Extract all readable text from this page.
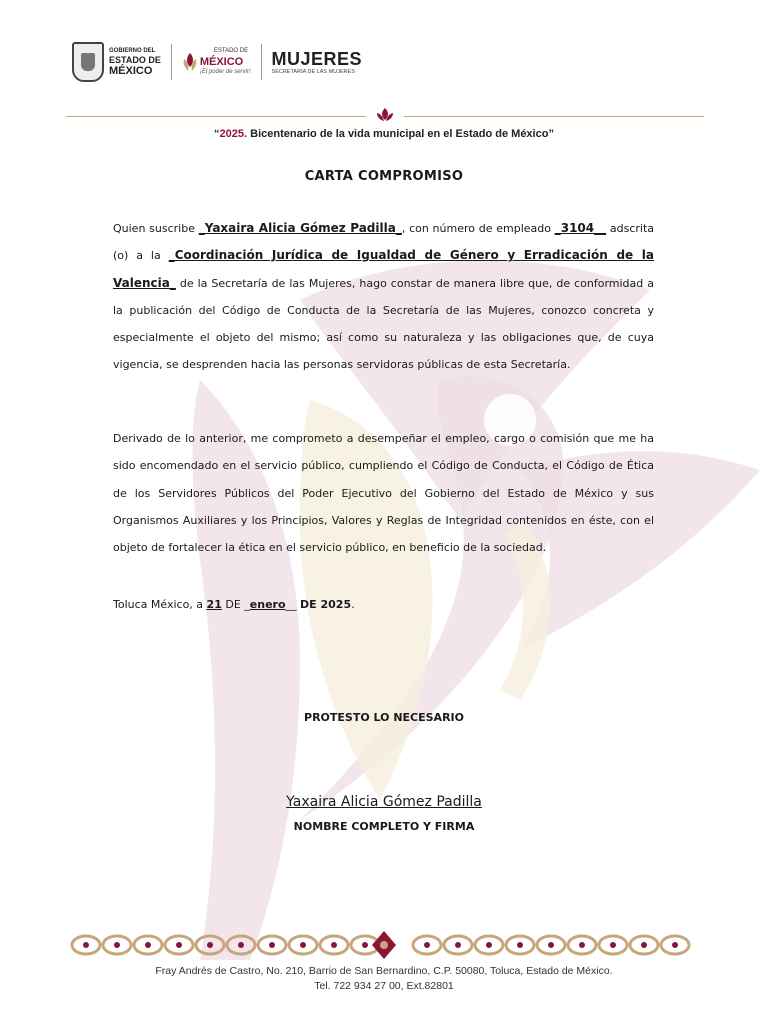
GOBIERNO DEL
ESTADO DE
MÉXICO
ESTADO DE
MÉXICO
¡El poder de servir!
MUJERES
SECRETARÍA DE LAS MUJERES
“2025. Bicentenario de la vida municipal en el Estado de México”
CARTA COMPROMISO
Quien suscribe _Yaxaira Alicia Gómez Padilla_, con número de empleado _3104__ adscrita (o) a la _Coordinación Jurídica de Igualdad de Género y Erradicación de la Valencia_ de la Secretaría de las Mujeres, hago constar de manera libre que, de conformidad a la publicación del Código de Conducta de la Secretaría de las Mujeres, conozco concreta y especialmente el objeto del mismo; así como su naturaleza y las obligaciones que, de cuya vigencia, se desprenden hacia las personas servidoras públicas de esta Secretaría.
Derivado de lo anterior, me comprometo a desempeñar el empleo, cargo o comisión que me ha sido encomendado en el servicio público, cumpliendo el Código de Conducta, el Código de Ética de los Servidores Públicos del Poder Ejecutivo del Gobierno del Estado de México y sus Organismos Auxiliares y los Principios, Valores y Reglas de Integridad contenidos en éste, con el objeto de fortalecer la ética en el servicio público, en beneficio de la sociedad.
Toluca México, a 21 DE _enero__ DE 2025.
PROTESTO LO NECESARIO
Yaxaira Alicia Gómez Padilla
NOMBRE COMPLETO Y FIRMA
Fray Andrés de Castro, No. 210, Barrio de San Bernardino, C.P. 50080, Toluca, Estado de México.
Tel. 722 934 27 00, Ext.82801
